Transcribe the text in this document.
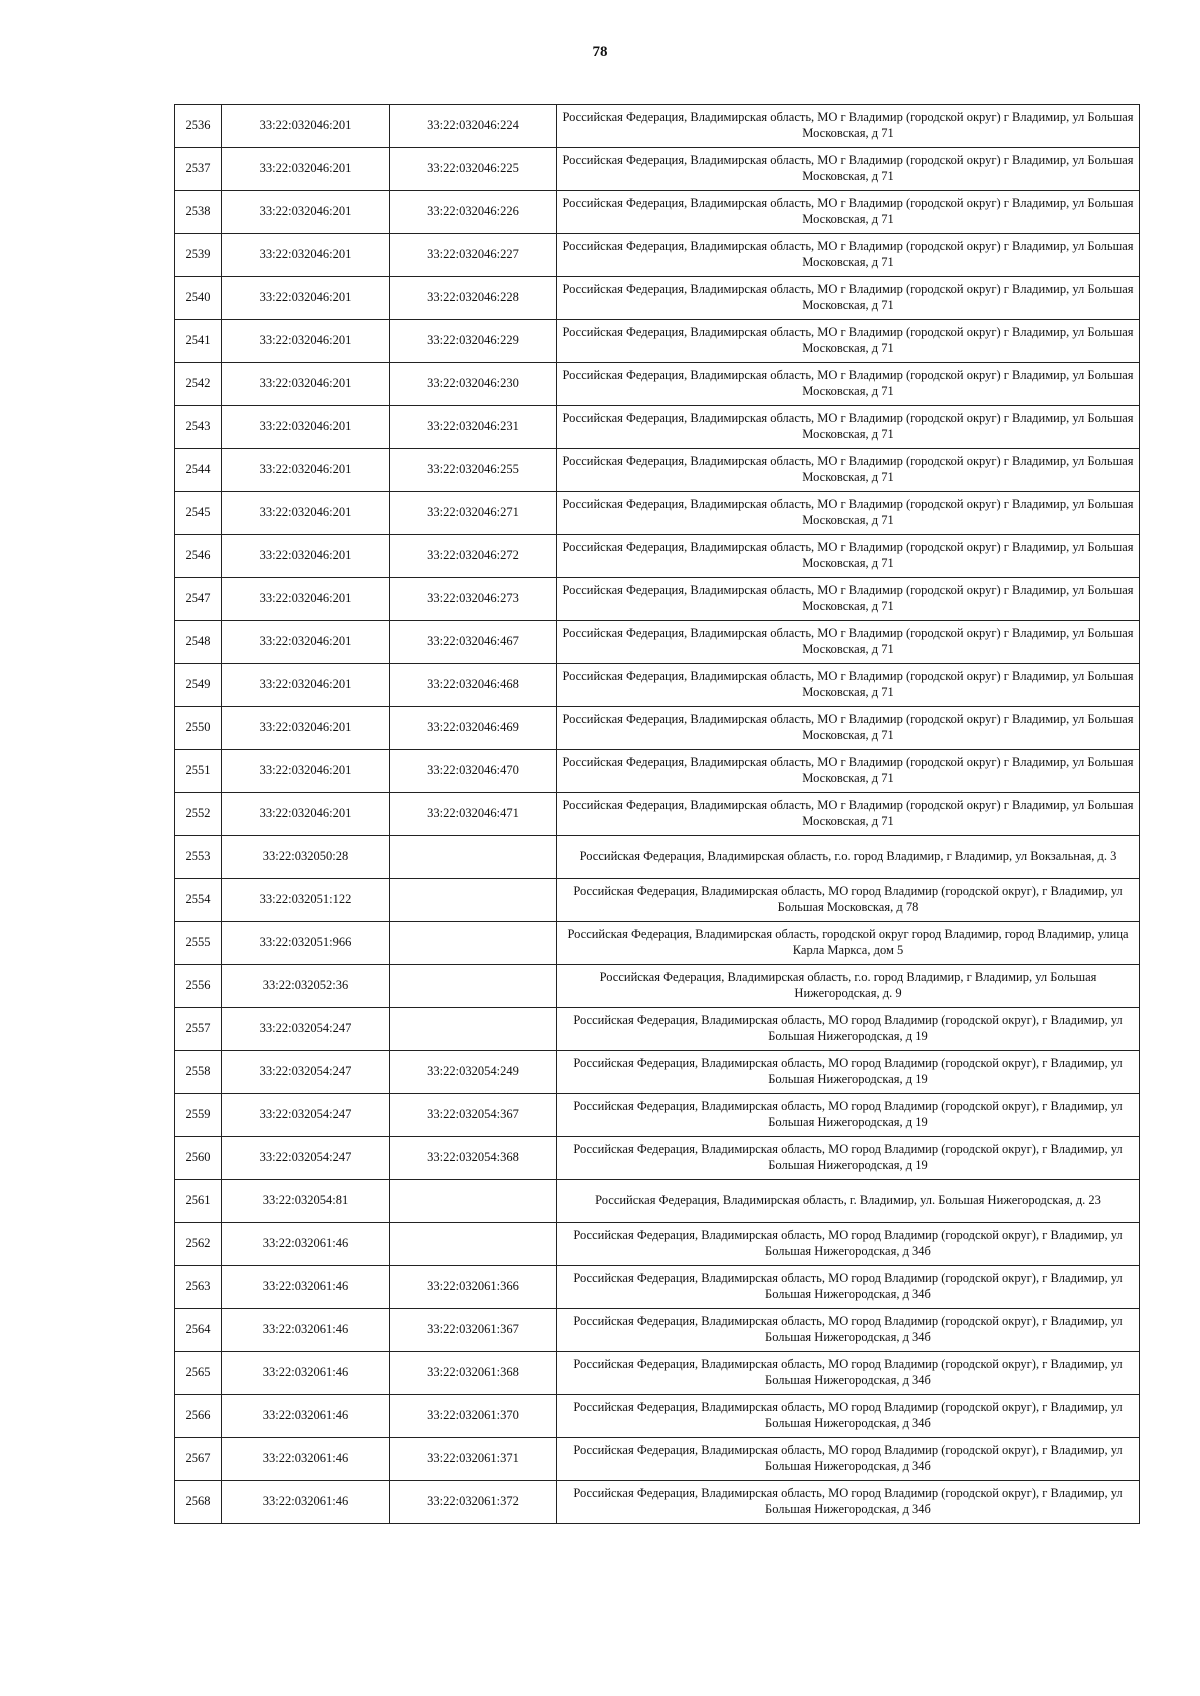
78
2536	33:22:032046:201	33:22:032046:224	Российская Федерация, Владимирская область, МО г Владимир (городской округ) г Владимир, ул Большая Московская, д 71
2537	33:22:032046:201	33:22:032046:225	Российская Федерация, Владимирская область, МО г Владимир (городской округ) г Владимир, ул Большая Московская, д 71
2538	33:22:032046:201	33:22:032046:226	Российская Федерация, Владимирская область, МО г Владимир (городской округ) г Владимир, ул Большая Московская, д 71
2539	33:22:032046:201	33:22:032046:227	Российская Федерация, Владимирская область, МО г Владимир (городской округ) г Владимир, ул Большая Московская, д 71
2540	33:22:032046:201	33:22:032046:228	Российская Федерация, Владимирская область, МО г Владимир (городской округ) г Владимир, ул Большая Московская, д 71
2541	33:22:032046:201	33:22:032046:229	Российская Федерация, Владимирская область, МО г Владимир (городской округ) г Владимир, ул Большая Московская, д 71
2542	33:22:032046:201	33:22:032046:230	Российская Федерация, Владимирская область, МО г Владимир (городской округ) г Владимир, ул Большая Московская, д 71
2543	33:22:032046:201	33:22:032046:231	Российская Федерация, Владимирская область, МО г Владимир (городской округ) г Владимир, ул Большая Московская, д 71
2544	33:22:032046:201	33:22:032046:255	Российская Федерация, Владимирская область, МО г Владимир (городской округ) г Владимир, ул Большая Московская, д 71
2545	33:22:032046:201	33:22:032046:271	Российская Федерация, Владимирская область, МО г Владимир (городской округ) г Владимир, ул Большая Московская, д 71
2546	33:22:032046:201	33:22:032046:272	Российская Федерация, Владимирская область, МО г Владимир (городской округ) г Владимир, ул Большая Московская, д 71
2547	33:22:032046:201	33:22:032046:273	Российская Федерация, Владимирская область, МО г Владимир (городской округ) г Владимир, ул Большая Московская, д 71
2548	33:22:032046:201	33:22:032046:467	Российская Федерация, Владимирская область, МО г Владимир (городской округ) г Владимир, ул Большая Московская, д 71
2549	33:22:032046:201	33:22:032046:468	Российская Федерация, Владимирская область, МО г Владимир (городской округ) г Владимир, ул Большая Московская, д 71
2550	33:22:032046:201	33:22:032046:469	Российская Федерация, Владимирская область, МО г Владимир (городской округ) г Владимир, ул Большая Московская, д 71
2551	33:22:032046:201	33:22:032046:470	Российская Федерация, Владимирская область, МО г Владимир (городской округ) г Владимир, ул Большая Московская, д 71
2552	33:22:032046:201	33:22:032046:471	Российская Федерация, Владимирская область, МО г Владимир (городской округ) г Владимир, ул Большая Московская, д 71
2553	33:22:032050:28		Российская Федерация, Владимирская область, г.о. город Владимир, г Владимир, ул Вокзальная, д. 3
2554	33:22:032051:122		Российская Федерация, Владимирская область, МО город Владимир (городской округ), г Владимир, ул Большая Московская, д 78
2555	33:22:032051:966		Российская Федерация, Владимирская область, городской округ город Владимир, город Владимир, улица Карла Маркса, дом 5
2556	33:22:032052:36		Российская Федерация, Владимирская область, г.о. город Владимир, г Владимир, ул Большая Нижегородская, д. 9
2557	33:22:032054:247		Российская Федерация, Владимирская область, МО город Владимир (городской округ), г Владимир, ул Большая Нижегородская, д 19
2558	33:22:032054:247	33:22:032054:249	Российская Федерация, Владимирская область, МО город Владимир (городской округ), г Владимир, ул Большая Нижегородская, д 19
2559	33:22:032054:247	33:22:032054:367	Российская Федерация, Владимирская область, МО город Владимир (городской округ), г Владимир, ул Большая Нижегородская, д 19
2560	33:22:032054:247	33:22:032054:368	Российская Федерация, Владимирская область, МО город Владимир (городской округ), г Владимир, ул Большая Нижегородская, д 19
2561	33:22:032054:81		Российская Федерация, Владимирская область, г. Владимир, ул. Большая Нижегородская, д. 23
2562	33:22:032061:46		Российская Федерация, Владимирская область, МО город Владимир (городской округ), г Владимир, ул Большая Нижегородская, д 34б
2563	33:22:032061:46	33:22:032061:366	Российская Федерация, Владимирская область, МО город Владимир (городской округ), г Владимир, ул Большая Нижегородская, д 34б
2564	33:22:032061:46	33:22:032061:367	Российская Федерация, Владимирская область, МО город Владимир (городской округ), г Владимир, ул Большая Нижегородская, д 34б
2565	33:22:032061:46	33:22:032061:368	Российская Федерация, Владимирская область, МО город Владимир (городской округ), г Владимир, ул Большая Нижегородская, д 34б
2566	33:22:032061:46	33:22:032061:370	Российская Федерация, Владимирская область, МО город Владимир (городской округ), г Владимир, ул Большая Нижегородская, д 34б
2567	33:22:032061:46	33:22:032061:371	Российская Федерация, Владимирская область, МО город Владимир (городской округ), г Владимир, ул Большая Нижегородская, д 34б
2568	33:22:032061:46	33:22:032061:372	Российская Федерация, Владимирская область, МО город Владимир (городской округ), г Владимир, ул Большая Нижегородская, д 34б
